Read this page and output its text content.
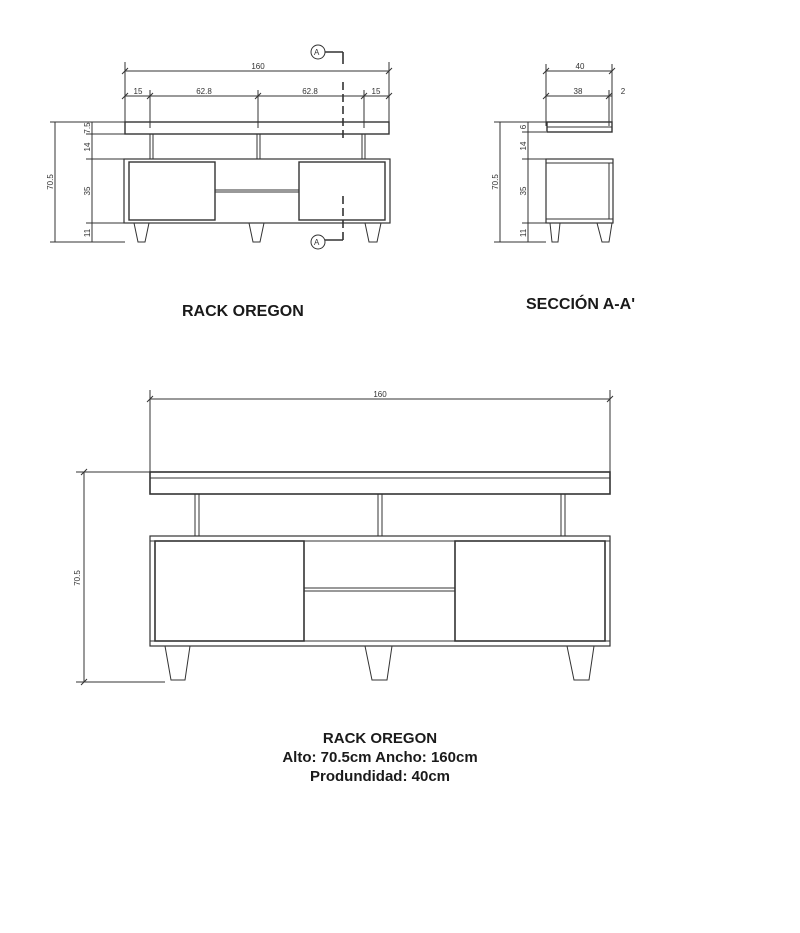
A
A
160
15	62.8	62.8	15
7.5
14
70.5
35
11
40
38	2
6
14
70.5
35
11
160
70.5
RACK OREGON	SECCIÓN A-A'
RACK OREGON
Alto: 70.5cm Ancho: 160cm
Produndidad: 40cm
